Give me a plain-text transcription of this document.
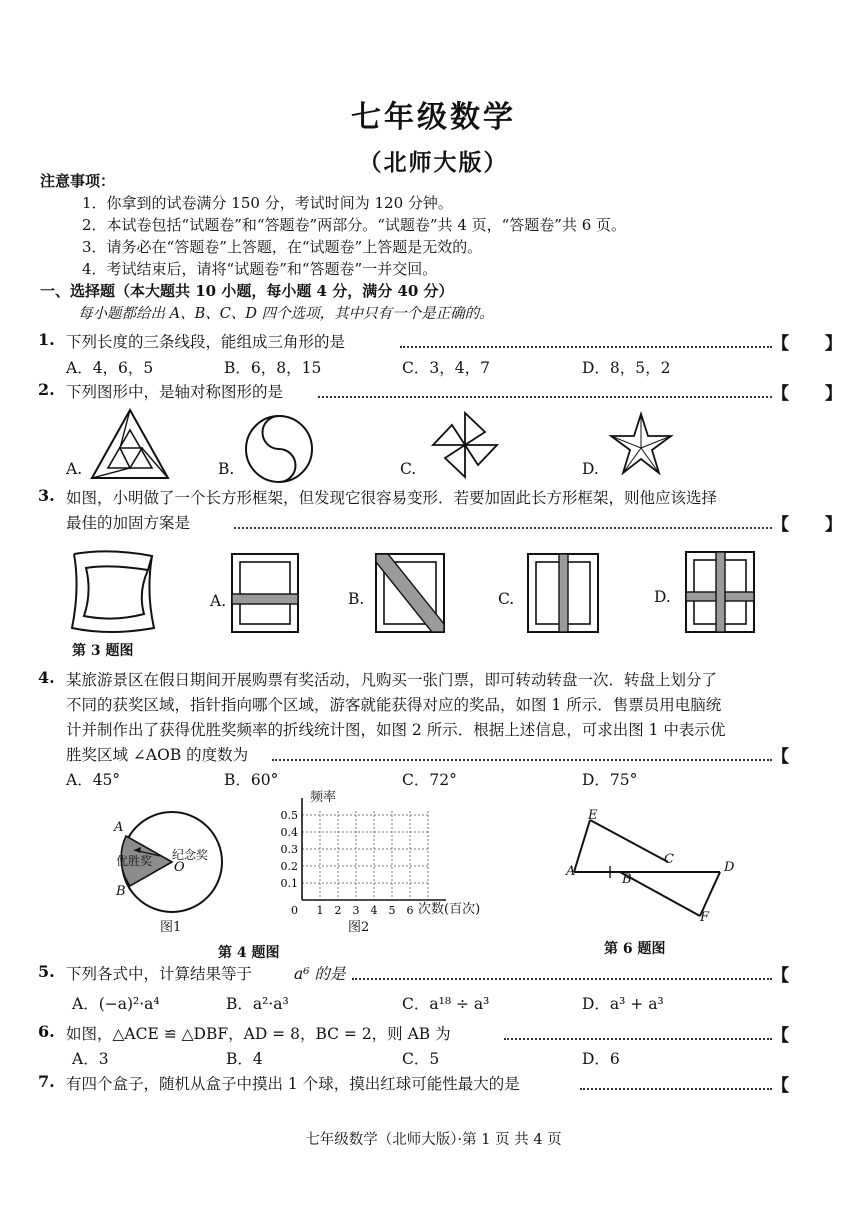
七年级数学
（北师大版）
注意事项：
1．你拿到的试卷满分 150 分，考试时间为 120 分钟。
2．本试卷包括“试题卷”和“答题卷”两部分。“试题卷”共 4 页，“答题卷”共 6 页。
3．请务必在“答题卷”上答题，在“试题卷”上答题是无效的。
4．考试结束后，请将“试题卷”和“答题卷”一并交回。
一、选择题（本大题共 10 小题，每小题 4 分，满分 40 分）
每小题都给出 A、B、C、D 四个选项，其中只有一个是正确的。
1. 下列长度的三条线段，能组成三角形的是	【 】
A．4，6，5	B．6，8，15	C．3，4，7	D．8，5，2
2. 下列图形中，是轴对称图形的是	【 】
A.	B.	C.	D.
3. 如图，小明做了一个长方形框架，但发现它很容易变形．若要加固此长方形框架，则他应该选择
最佳的加固方案是	【 】
第 3 题图
A.	B.	C.	D.
4. 某旅游景区在假日期间开展购票有奖活动，凡购买一张门票，即可转动转盘一次．转盘上划分了
不同的获奖区域，指针指向哪个区域，游客就能获得对应的奖品，如图 1 所示．售票员用电脑统
计并制作出了获得优胜奖频率的折线统计图，如图 2 所示．根据上述信息，可求出图 1 中表示优
胜奖区域 ∠AOB 的度数为	【
A．45°	B．60°	C．72°	D．75°
A
B
O
优胜奖 纪念奖
图1
0.5
0.4
0.3
0.2
0.1
1 2 3 4 5 6
0
频率
次数(百次)
图2
第 4 题图
E
A
B
C
D
F
第 6 题图
5. 下列各式中，计算结果等于	a⁶ 的是	【
A．(−a)²·a⁴	B．a²·a³	C．a¹⁸ ÷ a³	D．a³ + a³
6. 如图，△ACE ≌ △DBF，AD = 8，BC = 2，则 AB 为	【
A．3	B．4	C．5	D．6
7. 有四个盒子，随机从盒子中摸出 1 个球，摸出红球可能性最大的是	【
七年级数学（北师大版）·第 1 页 共 4 页
